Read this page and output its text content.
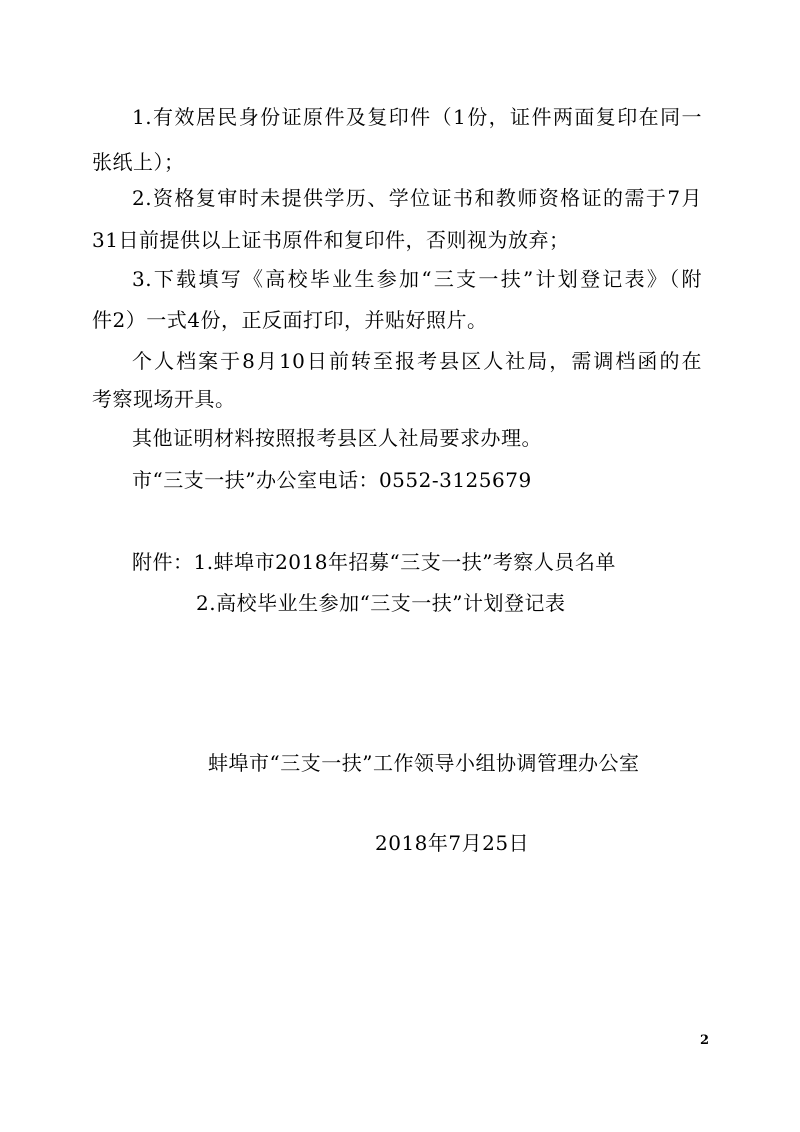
1.有效居民身份证原件及复印件（1份，证件两面复印在同一
张纸上）；
2.资格复审时未提供学历、学位证书和教师资格证的需于7月
31日前提供以上证书原件和复印件，否则视为放弃；
3.下载填写《高校毕业生参加“三支一扶”计划登记表》（附
件2）一式4份，正反面打印，并贴好照片。
个人档案于8月10日前转至报考县区人社局，需调档函的在
考察现场开具。
其他证明材料按照报考县区人社局要求办理。
市“三支一扶”办公室电话：0552-3125679
附件：1.蚌埠市2018年招募“三支一扶”考察人员名单
2.高校毕业生参加“三支一扶”计划登记表
蚌埠市“三支一扶”工作领导小组协调管理办公室
2018年7月25日
2
